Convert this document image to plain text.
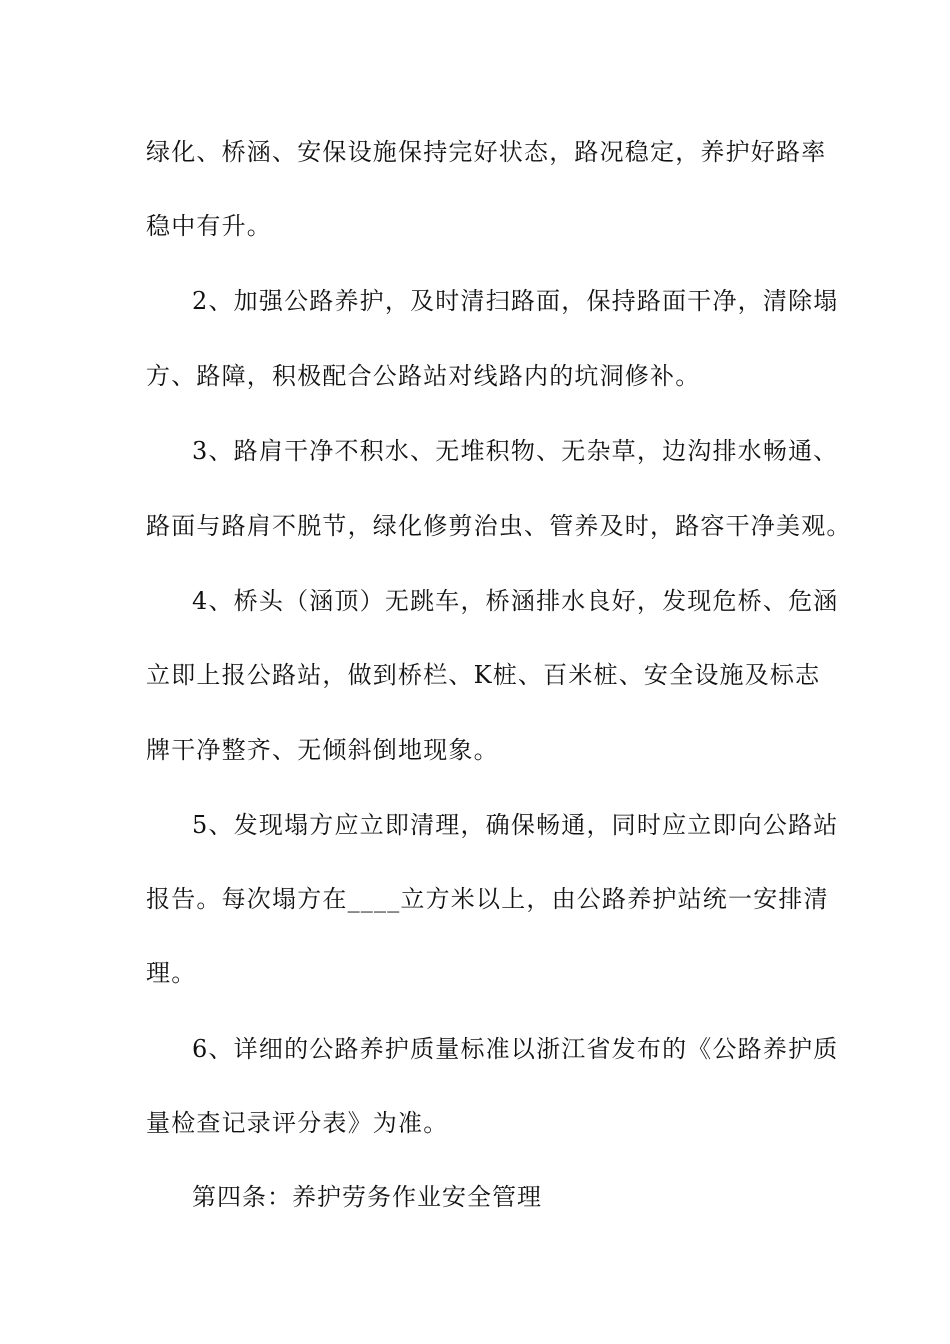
绿化、桥涵、安保设施保持完好状态，路况稳定，养护好路率
稳中有升。
2、加强公路养护，及时清扫路面，保持路面干净，清除塌
方、路障，积极配合公路站对线路内的坑洞修补。
3、路肩干净不积水、无堆积物、无杂草，边沟排水畅通、
路面与路肩不脱节，绿化修剪治虫、管养及时，路容干净美观。
4、桥头（涵顶）无跳车，桥涵排水良好，发现危桥、危涵
立即上报公路站，做到桥栏、K桩、百米桩、安全设施及标志
牌干净整齐、无倾斜倒地现象。
5、发现塌方应立即清理，确保畅通，同时应立即向公路站
报告。每次塌方在____立方米以上，由公路养护站统一安排清
理。
6、详细的公路养护质量标准以浙江省发布的《公路养护质
量检查记录评分表》为准。
第四条：养护劳务作业安全管理
